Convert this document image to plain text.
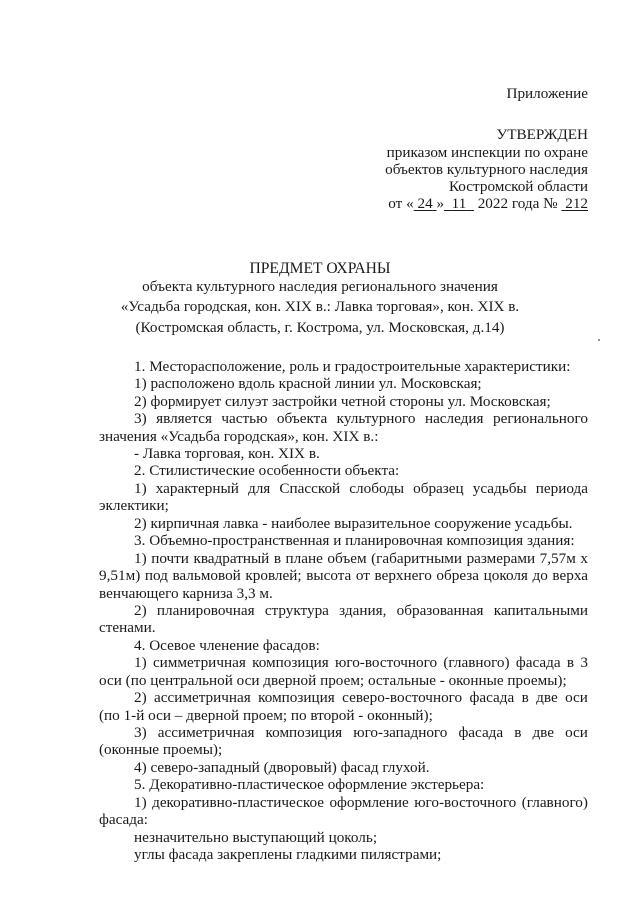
Приложение
УТВЕРЖДЕН
приказом инспекции по охране
объектов культурного наследия
Костромской области
от « 24 » 11 2022 года № 212
ПРЕДМЕТ ОХРАНЫ
объекта культурного наследия регионального значения
«Усадьба городская, кон. XIX в.: Лавка торговая», кон. XIX в.
(Костромская область, г. Кострома, ул. Московская, д.14)
1. Месторасположение, роль и градостроительные характеристики:
1) расположено вдоль красной линии ул. Московская;
2) формирует силуэт застройки четной стороны ул. Московская;
3) является частью объекта культурного наследия регионального
значения «Усадьба городская», кон. XIX в.:
- Лавка торговая, кон. XIX в.
2. Стилистические особенности объекта:
1) характерный для Спасской слободы образец усадьбы периода
эклектики;
2) кирпичная лавка - наиболее выразительное сооружение усадьбы.
3. Объемно-пространственная и планировочная композиция здания:
1) почти квадратный в плане объем (габаритными размерами 7,57м х
9,51м) под вальмовой кровлей; высота от верхнего обреза цоколя до верха
венчающего карниза 3,3 м.
2) планировочная структура здания, образованная капитальными
стенами.
4. Осевое членение фасадов:
1) симметричная композиция юго-восточного (главного) фасада в 3
оси (по центральной оси дверной проем; остальные - оконные проемы);
2) ассиметричная композиция северо-восточного фасада в две оси
(по 1-й оси – дверной проем; по второй - оконный);
3) ассиметричная композиция юго-западного фасада в две оси
(оконные проемы);
4) северо-западный (дворовый) фасад глухой.
5. Декоративно-пластическое оформление экстерьера:
1) декоративно-пластическое оформление юго-восточного (главного)
фасада:
незначительно выступающий цоколь;
углы фасада закреплены гладкими пилястрами;
